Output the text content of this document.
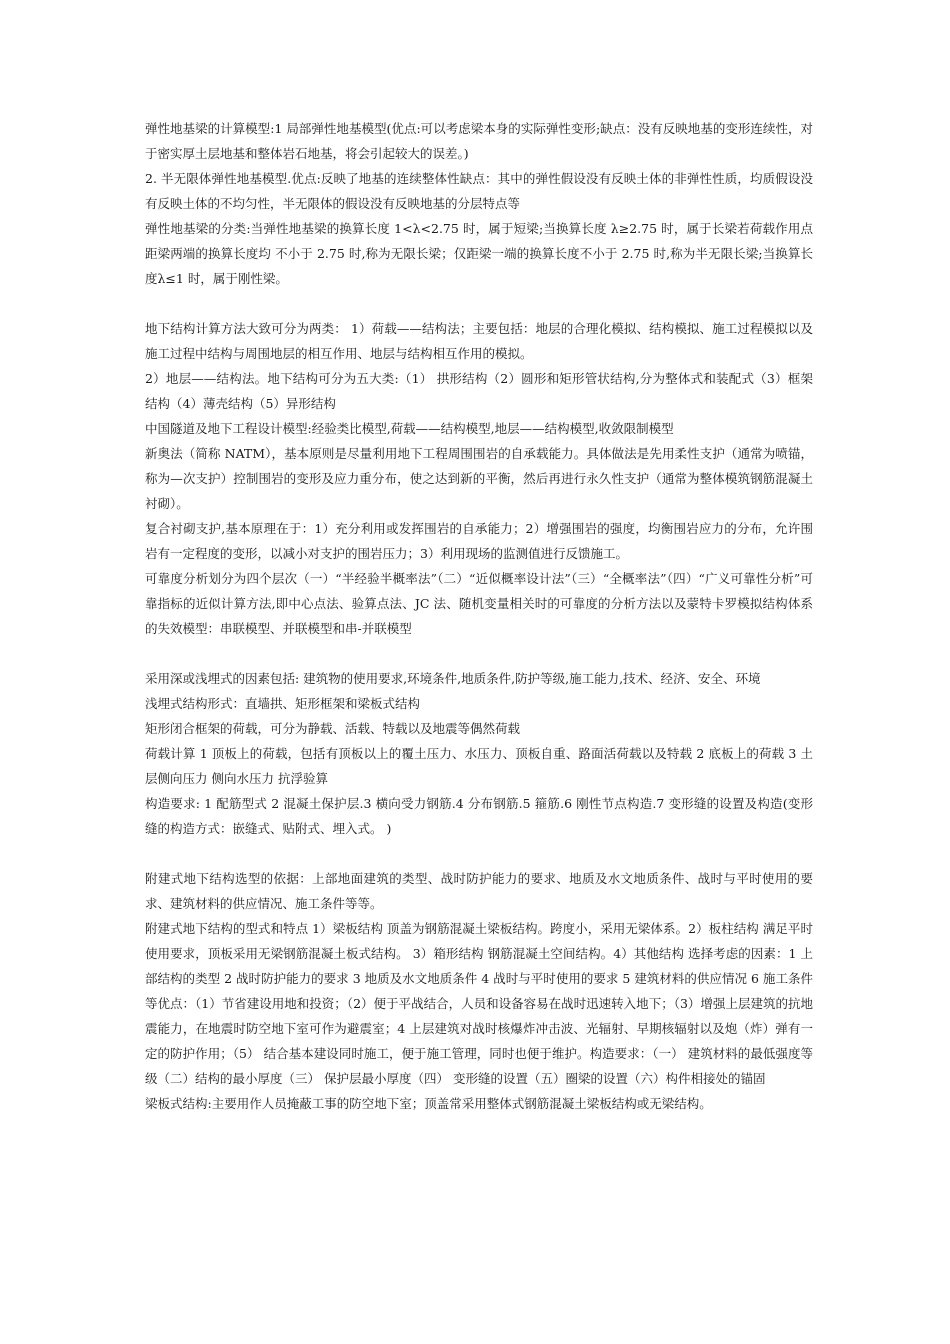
弹性地基梁的计算模型:1 局部弹性地基模型(优点:可以考虑梁本身的实际弹性变形;缺点：没有反映地基的变形连续性，对于密实厚土层地基和整体岩石地基，将会引起较大的误差。)

2. 半无限体弹性地基模型.优点:反映了地基的连续整体性缺点：其中的弹性假设没有反映土体的非弹性性质，均质假设没有反映土体的不均匀性，半无限体的假设没有反映地基的分层特点等

弹性地基梁的分类:当弹性地基梁的换算长度 1<λ<2.75 时，属于短梁;当换算长度 λ≥2.75 时，属于长梁若荷载作用点距梁两端的换算长度均 不小于 2.75 时,称为无限长梁；仅距梁一端的换算长度不小于 2.75 时,称为半无限长梁;当换算长度λ≤1 时，属于刚性梁。

地下结构计算方法大致可分为两类： 1）荷载——结构法；主要包括：地层的合理化模拟、结构模拟、施工过程模拟以及施工过程中结构与周围地层的相互作用、地层与结构相互作用的模拟。

2）地层——结构法。地下结构可分为五大类:（1） 拱形结构（2）圆形和矩形管状结构,分为整体式和装配式（3）框架结构（4）薄壳结构（5）异形结构

中国隧道及地下工程设计模型:经验类比模型,荷载——结构模型,地层——结构模型,收敛限制模型

新奥法（简称 NATM），基本原则是尽量利用地下工程周围围岩的自承载能力。具体做法是先用柔性支护（通常为喷锚，称为—次支护）控制围岩的变形及应力重分布，使之达到新的平衡，然后再进行永久性支护（通常为整体模筑钢筋混凝土衬砌）。

复合衬砌支护,基本原理在于：1）充分利用或发挥围岩的自承能力；2）增强围岩的强度，均衡围岩应力的分布，允许围岩有一定程度的变形，以减小对支护的围岩压力；3）利用现场的监测值进行反馈施工。

可靠度分析划分为四个层次（一）“半经验半概率法”（二）“近似概率设计法”（三）“全概率法”（四）“广义可靠性分析”可靠指标的近似计算方法,即中心点法、验算点法、JC 法、随机变量相关时的可靠度的分析方法以及蒙特卡罗模拟结构体系的失效模型：串联模型、并联模型和串-并联模型

采用深或浅埋式的因素包括: 建筑物的使用要求,环境条件,地质条件,防护等级,施工能力,技术、经济、安全、环境

浅埋式结构形式：直墙拱、矩形框架和梁板式结构

矩形闭合框架的荷载，可分为静载、活载、特载以及地震等偶然荷载

荷载计算 1 顶板上的荷载，包括有顶板以上的覆土压力、水压力、顶板自重、路面活荷载以及特载 2 底板上的荷载 3 土层侧向压力 侧向水压力 抗浮验算

构造要求: 1 配筋型式 2 混凝土保护层.3 横向受力钢筋.4 分布钢筋.5 箍筋.6 刚性节点构造.7 变形缝的设置及构造(变形缝的构造方式：嵌缝式、贴附式、埋入式。 )

附建式地下结构选型的依据：上部地面建筑的类型、战时防护能力的要求、地质及水文地质条件、战时与平时使用的要求、建筑材料的供应情况、施工条件等等。

附建式地下结构的型式和特点 1）梁板结构 顶盖为钢筋混凝土梁板结构。跨度小，采用无梁体系。2）板柱结构 满足平时使用要求，顶板采用无梁钢筋混凝土板式结构。 3）箱形结构 钢筋混凝土空间结构。4）其他结构 选择考虑的因素：1 上部结构的类型 2 战时防护能力的要求 3 地质及水文地质条件 4 战时与平时使用的要求 5 建筑材料的供应情况 6 施工条件等优点：（1）节省建设用地和投资；（2）便于平战结合，人员和设备容易在战时迅速转入地下；（3）增强上层建筑的抗地震能力，在地震时防空地下室可作为避震室；4 上层建筑对战时核爆炸冲击波、光辐射、早期核辐射以及炮（炸）弹有一定的防护作用；（5） 结合基本建设同时施工，便于施工管理，同时也便于维护。构造要求：（一） 建筑材料的最低强度等级（二）结构的最小厚度（三） 保护层最小厚度（四） 变形缝的设置（五）圈梁的设置（六）构件相接处的锚固

梁板式结构:主要用作人员掩蔽工事的防空地下室；顶盖常采用整体式钢筋混凝土梁板结构或无梁结构。
